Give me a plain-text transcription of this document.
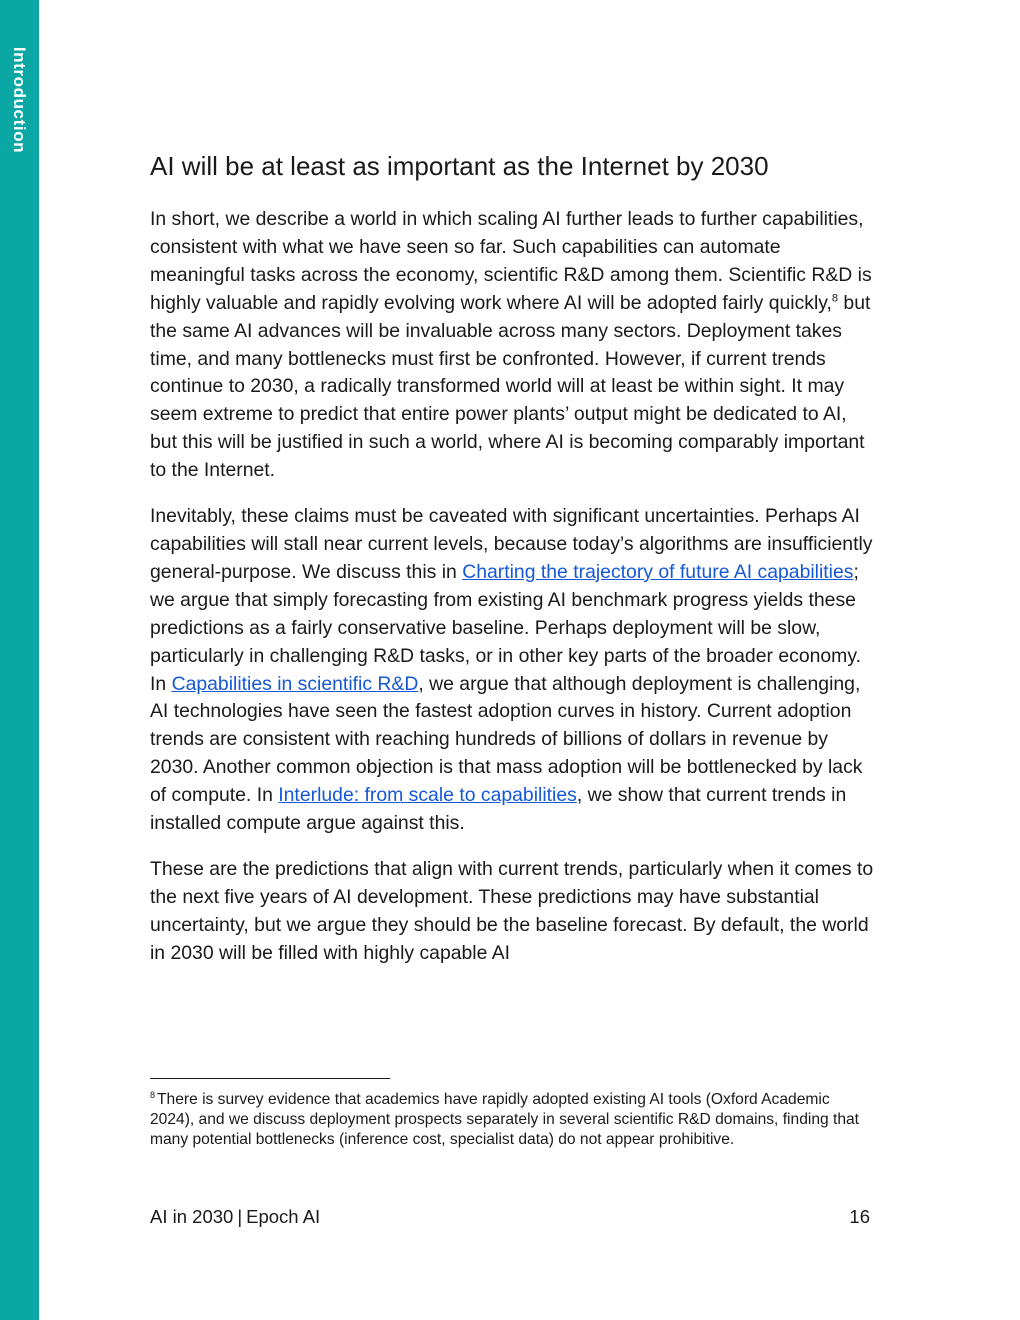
Introduction
AI will be at least as important as the Internet by 2030

In short, we describe a world in which scaling AI further leads to further capabilities, consistent with what we have seen so far. Such capabilities can automate meaningful tasks across the economy, scientific R&D among them. Scientific R&D is highly valuable and rapidly evolving work where AI will be adopted fairly quickly,$^8$ but the same AI advances will be invaluable across many sectors. Deployment takes time, and many bottlenecks must first be confronted. However, if current trends continue to 2030, a radically transformed world will at least be within sight. It may seem extreme to predict that entire power plants’ output might be dedicated to AI, but this will be justified in such a world, where AI is becoming comparably important to the Internet.

Inevitably, these claims must be caveated with significant uncertainties. Perhaps AI capabilities will stall near current levels, because today’s algorithms are insufficiently general-purpose. We discuss this in Charting the trajectory of future AI capabilities; we argue that simply forecasting from existing AI benchmark progress yields these predictions as a fairly conservative baseline. Perhaps deployment will be slow, particularly in challenging R&D tasks, or in other key parts of the broader economy. In Capabilities in scientific R&D, we argue that although deployment is challenging, AI technologies have seen the fastest adoption curves in history. Current adoption trends are consistent with reaching hundreds of billions of dollars in revenue by 2030. Another common objection is that mass adoption will be bottlenecked by lack of compute. In Interlude: from scale to capabilities, we show that current trends in installed compute argue against this.

These are the predictions that align with current trends, particularly when it comes to the next five years of AI development. These predictions may have substantial uncertainty, but we argue they should be the baseline forecast. By default, the world in 2030 will be filled with highly capable AI

$^8$ There is survey evidence that academics have rapidly adopted existing AI tools (Oxford Academic 2024), and we discuss deployment prospects separately in several scientific R&D domains, finding that many potential bottlenecks (inference cost, specialist data) do not appear prohibitive.

AI in 2030 | Epoch AI	16
